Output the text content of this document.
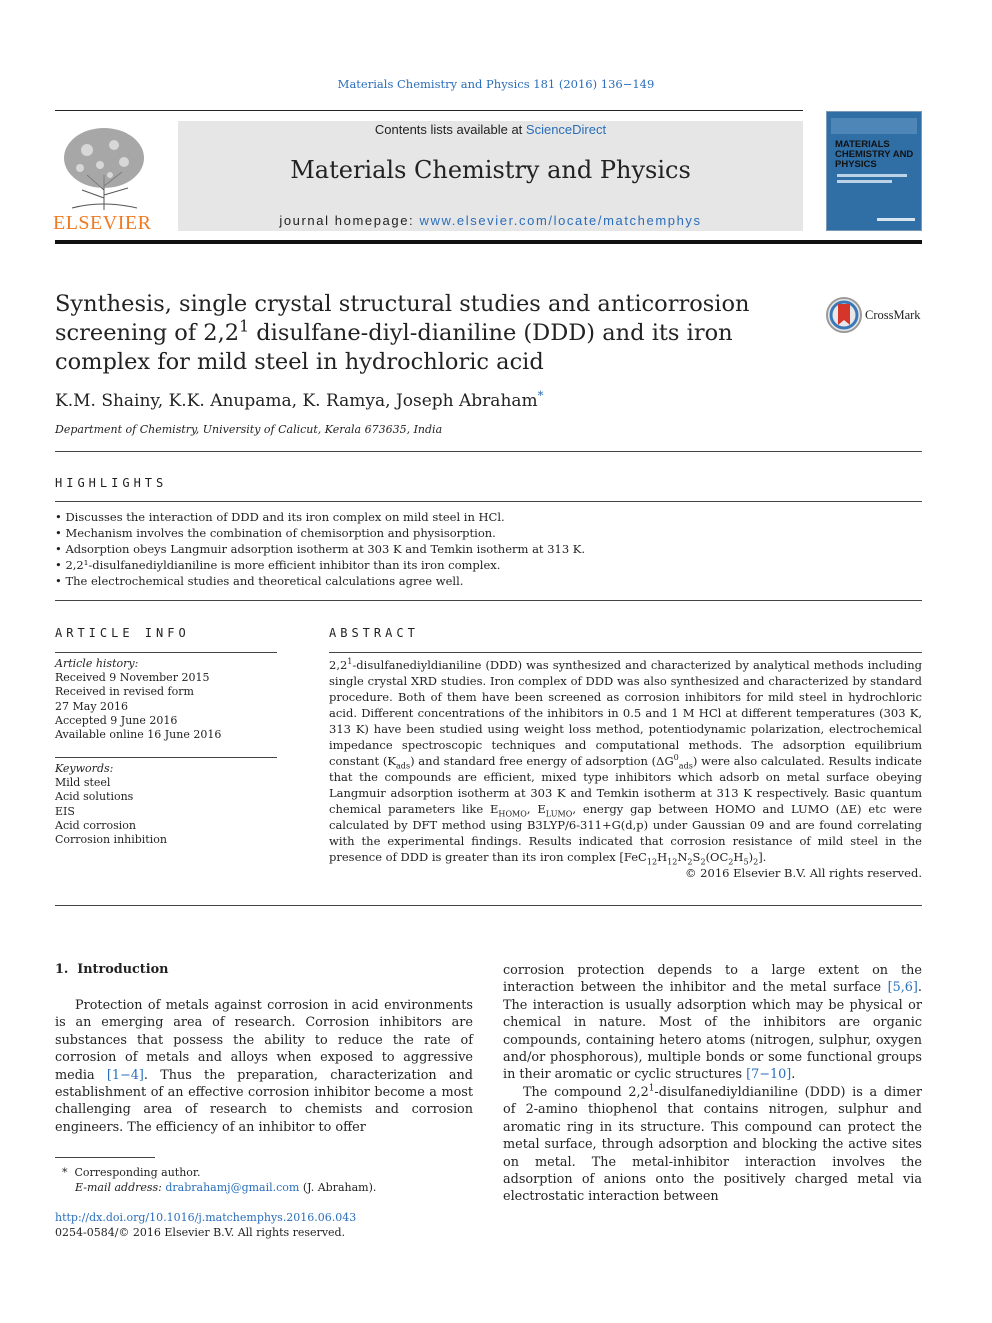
Materials Chemistry and Physics 181 (2016) 136−149
ELSEVIER
Contents lists available at ScienceDirect
Materials Chemistry and Physics
journal homepage: www.elsevier.com/locate/matchemphys
MATERIALS
CHEMISTRY AND
PHYSICS
Synthesis, single crystal structural studies and anticorrosion screening of $2,2^1$ disulfane-diyl-dianiline (DDD) and its iron complex for mild steel in hydrochloric acid
CrossMark
K.M. Shainy, K.K. Anupama, K. Ramya, Joseph Abraham*
Department of Chemistry, University of Calicut, Kerala 673635, India
HIGHLIGHTS
• Discusses the interaction of DDD and its iron complex on mild steel in HCl.
• Mechanism involves the combination of chemisorption and physisorption.
• Adsorption obeys Langmuir adsorption isotherm at 303 K and Temkin isotherm at 313 K.
• 2,2¹-disulfanediyldianiline is more efficient inhibitor than its iron complex.
• The electrochemical studies and theoretical calculations agree well.
ARTICLE INFO
Article history:
Received 9 November 2015
Received in revised form
27 May 2016
Accepted 9 June 2016
Available online 16 June 2016
Keywords:
Mild steel
Acid solutions
EIS
Acid corrosion
Corrosion inhibition
ABSTRACT
$2,2^1$-disulfanediyldianiline (DDD) was synthesized and characterized by analytical methods including single crystal XRD studies. Iron complex of DDD was also synthesized and characterized by standard procedure. Both of them have been screened as corrosion inhibitors for mild steel in hydrochloric acid. Different concentrations of the inhibitors in 0.5 and 1 M HCl at different temperatures (303 K, 313 K) have been studied using weight loss method, potentiodynamic polarization, electrochemical impedance spectroscopic techniques and computational methods. The adsorption equilibrium constant $(K_{ads})$ and standard free energy of adsorption $(\Delta G^0_{ads})$ were also calculated. Results indicate that the compounds are efficient, mixed type inhibitors which adsorb on metal surface obeying Langmuir adsorption isotherm at 303 K and Temkin isotherm at 313 K respectively. Basic quantum chemical parameters like $E_{HOMO}$, $E_{LUMO}$, energy gap between HOMO and LUMO (ΔE) etc were calculated by DFT method using B3LYP/6-311+G(d,p) under Gaussian 09 and are found correlating with the experimental findings. Results indicated that corrosion resistance of mild steel in the presence of DDD is greater than its iron complex $[FeC_{12}H_{12}N_2S_2(OC_2H_5)_2]$.
© 2016 Elsevier B.V. All rights reserved.
1.  Introduction
Protection of metals against corrosion in acid environments is an emerging area of research. Corrosion inhibitors are substances that possess the ability to reduce the rate of corrosion of metals and alloys when exposed to aggressive media [1−4]. Thus the preparation, characterization and establishment of an effective corrosion inhibitor become a most challenging area of research to chemists and corrosion engineers. The efficiency of an inhibitor to offer
corrosion protection depends to a large extent on the interaction between the inhibitor and the metal surface [5,6]. The interaction is usually adsorption which may be physical or chemical in nature. Most of the inhibitors are organic compounds, containing hetero atoms (nitrogen, sulphur, oxygen and/or phosphorous), multiple bonds or some functional groups in their aromatic or cyclic structures [7−10].
The compound $2,2^1$-disulfanediyldianiline (DDD) is a dimer of 2-amino thiophenol that contains nitrogen, sulphur and aromatic ring in its structure. This compound can protect the metal surface, through adsorption and blocking the active sites on metal. The metal-inhibitor interaction involves the adsorption of anions onto the positively charged metal via electrostatic interaction between
*  Corresponding author.
E-mail address: drabrahamj@gmail.com (J. Abraham).
http://dx.doi.org/10.1016/j.matchemphys.2016.06.043
0254-0584/© 2016 Elsevier B.V. All rights reserved.
